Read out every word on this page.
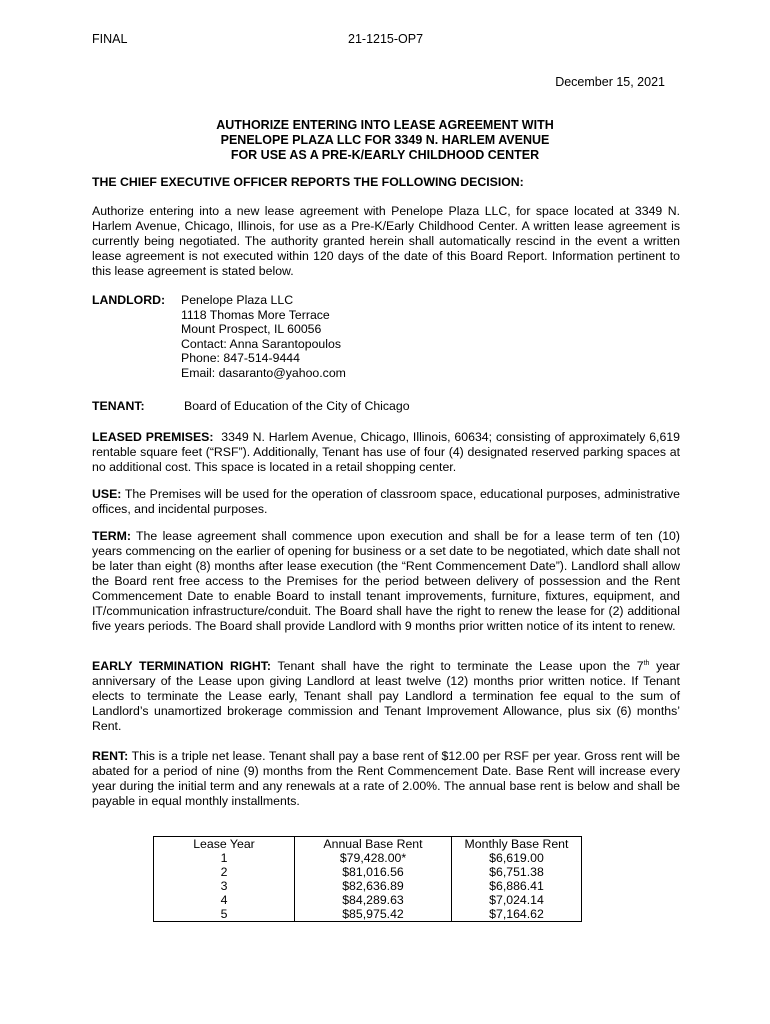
FINAL	21-1215-OP7
December 15, 2021
AUTHORIZE ENTERING INTO LEASE AGREEMENT WITH
PENELOPE PLAZA LLC FOR 3349 N. HARLEM AVENUE
FOR USE AS A PRE-K/EARLY CHILDHOOD CENTER
THE CHIEF EXECUTIVE OFFICER REPORTS THE FOLLOWING DECISION:
Authorize entering into a new lease agreement with Penelope Plaza LLC, for space located at 3349 N. Harlem Avenue, Chicago, Illinois, for use as a Pre-K/Early Childhood Center. A written lease agreement is currently being negotiated. The authority granted herein shall automatically rescind in the event a written lease agreement is not executed within 120 days of the date of this Board Report. Information pertinent to this lease agreement is stated below.
LANDLORD: Penelope Plaza LLC
1118 Thomas More Terrace
Mount Prospect, IL 60056
Contact: Anna Sarantopoulos
Phone: 847-514-9444
Email: dasaranto@yahoo.com
TENANT:	Board of Education of the City of Chicago
LEASED PREMISES: 3349 N. Harlem Avenue, Chicago, Illinois, 60634; consisting of approximately 6,619 rentable square feet (“RSF”). Additionally, Tenant has use of four (4) designated reserved parking spaces at no additional cost. This space is located in a retail shopping center.
USE: The Premises will be used for the operation of classroom space, educational purposes, administrative offices, and incidental purposes.
TERM: The lease agreement shall commence upon execution and shall be for a lease term of ten (10) years commencing on the earlier of opening for business or a set date to be negotiated, which date shall not be later than eight (8) months after lease execution (the “Rent Commencement Date”). Landlord shall allow the Board rent free access to the Premises for the period between delivery of possession and the Rent Commencement Date to enable Board to install tenant improvements, furniture, fixtures, equipment, and IT/communication infrastructure/conduit. The Board shall have the right to renew the lease for (2) additional five years periods. The Board shall provide Landlord with 9 months prior written notice of its intent to renew.
EARLY TERMINATION RIGHT: Tenant shall have the right to terminate the Lease upon the 7th year anniversary of the Lease upon giving Landlord at least twelve (12) months prior written notice. If Tenant elects to terminate the Lease early, Tenant shall pay Landlord a termination fee equal to the sum of Landlord’s unamortized brokerage commission and Tenant Improvement Allowance, plus six (6) months’ Rent.
RENT: This is a triple net lease. Tenant shall pay a base rent of $12.00 per RSF per year. Gross rent will be abated for a period of nine (9) months from the Rent Commencement Date. Base Rent will increase every year during the initial term and any renewals at a rate of 2.00%. The annual base rent is below and shall be payable in equal monthly installments.
Lease Year	Annual Base Rent	Monthly Base Rent
1	$79,428.00*	$6,619.00
2	$81,016.56	$6,751.38
3	$82,636.89	$6,886.41
4	$84,289.63	$7,024.14
5	$85,975.42	$7,164.62
